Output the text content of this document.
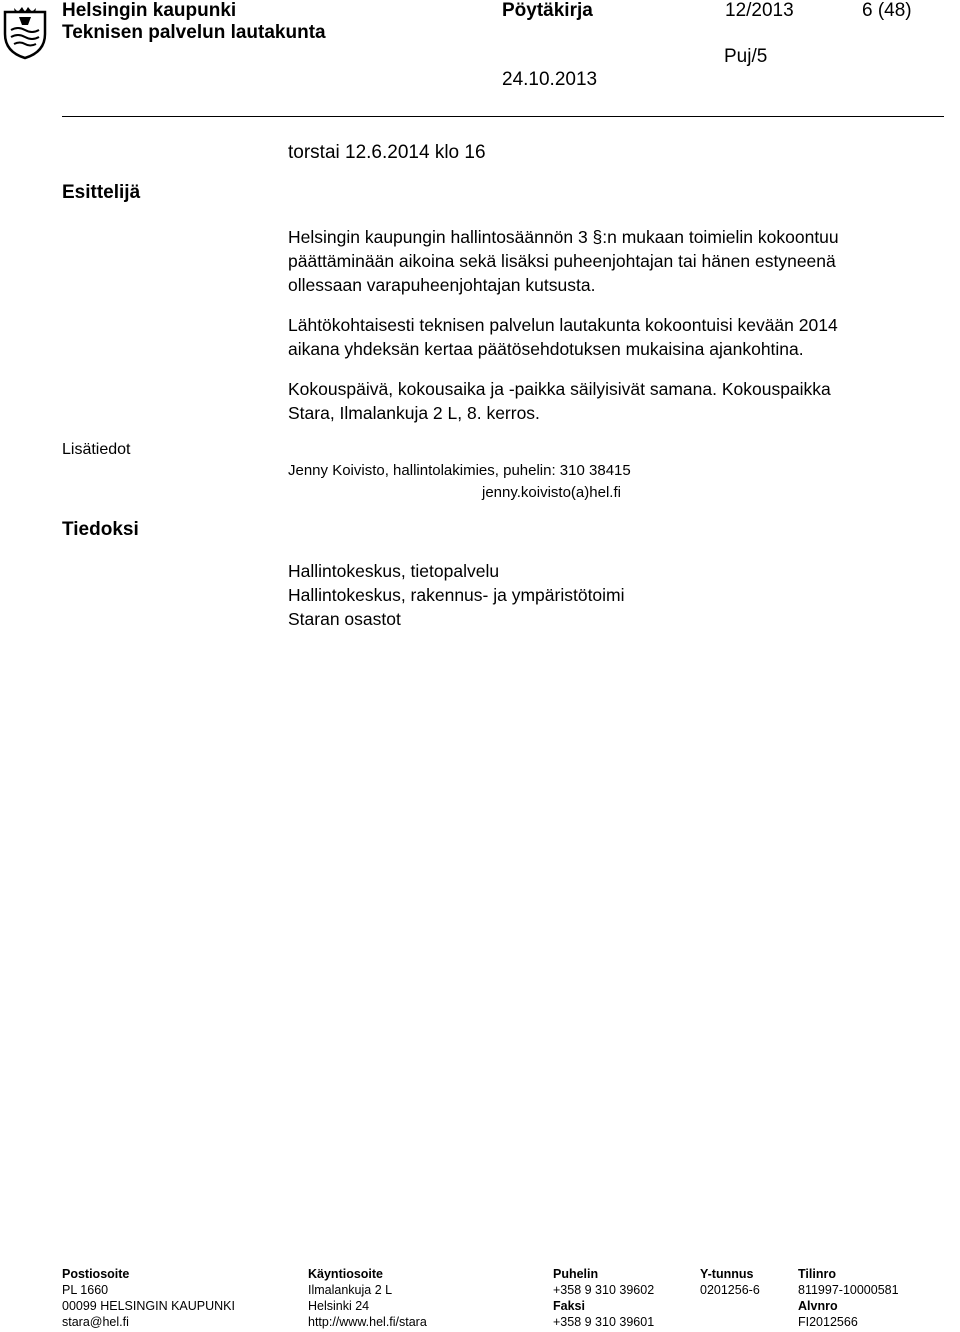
Helsingin kaupunki
Teknisen palvelun lautakunta
Pöytäkirja	12/2013	6 (48)
Puj/5
24.10.2013
torstai 12.6.2014 klo 16
Esittelijä
Lisätiedot
Tiedoksi
Helsingin kaupungin hallintosäännön 3 §:n mukaan toimielin kokoontuu
päättäminään aikoina sekä lisäksi puheenjohtajan tai hänen estyneenä
ollessaan varapuheenjohtajan kutsusta.
Lähtökohtaisesti teknisen palvelun lautakunta kokoontuisi kevään 2014
aikana yhdeksän kertaa päätösehdotuksen mukaisina ajankohtina.
Kokouspäivä, kokousaika ja -paikka säilyisivät samana. Kokouspaikka
Stara, Ilmalankuja 2 L, 8. kerros.
Jenny Koivisto, hallintolakimies, puhelin: 310 38415
jenny.koivisto(a)hel.fi
Hallintokeskus, tietopalvelu
Hallintokeskus, rakennus- ja ympäristötoimi
Staran osastot
Postiosoite
PL 1660
00099 HELSINGIN KAUPUNKI
stara@hel.fi
Käyntiosoite
Ilmalankuja 2 L
Helsinki 24
http://www.hel.fi/stara
Puhelin
+358 9 310 39602
Faksi
+358 9 310 39601
Y-tunnus
0201256-6
Tilinro
811997-10000581
Alvnro
FI2012566
